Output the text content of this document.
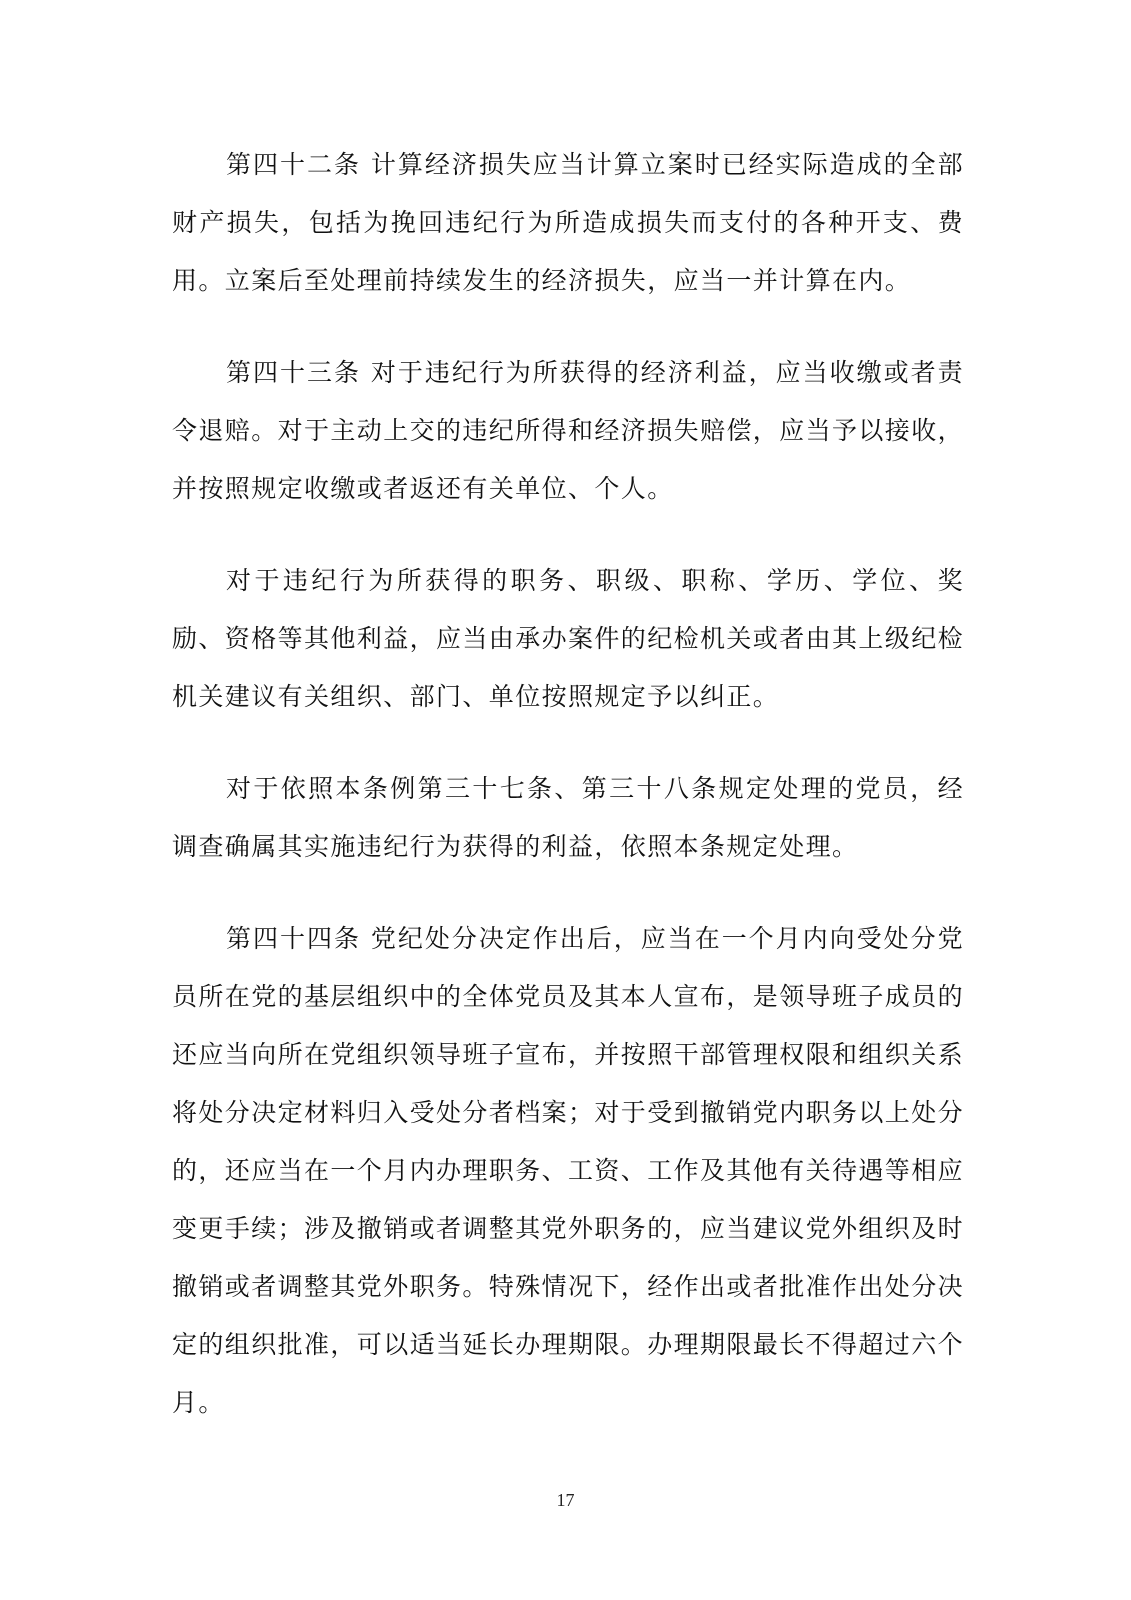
第四十二条 计算经济损失应当计算立案时已经实际造成的全部财产损失，包括为挽回违纪行为所造成损失而支付的各种开支、费用。立案后至处理前持续发生的经济损失，应当一并计算在内。

第四十三条 对于违纪行为所获得的经济利益，应当收缴或者责令退赔。对于主动上交的违纪所得和经济损失赔偿，应当予以接收，并按照规定收缴或者返还有关单位、个人。

对于违纪行为所获得的职务、职级、职称、学历、学位、奖励、资格等其他利益，应当由承办案件的纪检机关或者由其上级纪检机关建议有关组织、部门、单位按照规定予以纠正。

对于依照本条例第三十七条、第三十八条规定处理的党员，经调查确属其实施违纪行为获得的利益，依照本条规定处理。

第四十四条 党纪处分决定作出后，应当在一个月内向受处分党员所在党的基层组织中的全体党员及其本人宣布，是领导班子成员的还应当向所在党组织领导班子宣布，并按照干部管理权限和组织关系将处分决定材料归入受处分者档案；对于受到撤销党内职务以上处分的，还应当在一个月内办理职务、工资、工作及其他有关待遇等相应变更手续；涉及撤销或者调整其党外职务的，应当建议党外组织及时撤销或者调整其党外职务。特殊情况下，经作出或者批准作出处分决定的组织批准，可以适当延长办理期限。办理期限最长不得超过六个月。

17
